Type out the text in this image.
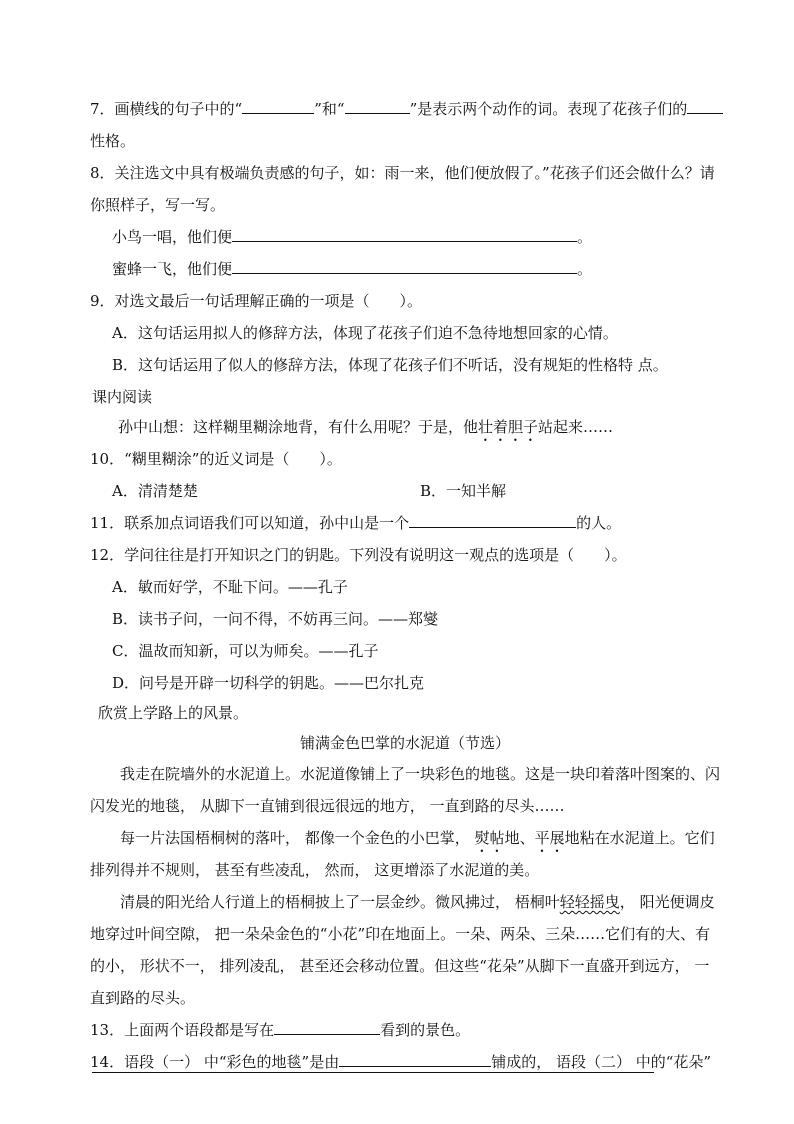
7．画横线的句子中的“	”和“	”是表示两个动作的词。表现了花孩子们的
性格。
8．关注选文中具有极端负责感的句子，如：雨一来，他们便放假了。”花孩子们还会做什么？请
你照样子，写一写。
小鸟一唱，他们便	。
蜜蜂一飞，他们便	。
9．对选文最后一句话理解正确的一项是（　　）。
A．这句话运用拟人的修辞方法，体现了花孩子们迫不急待地想回家的心情。
B．这句话运用了似人的修辞方法，体现了花孩子们不听话，没有规矩的性格特 点。
课内阅读
孙中山想：这样糊里糊涂地背，有什么用呢？于是，他壮着胆子站起来……
10．“糊里糊涂”的近义词是（　　）。
A．清清楚楚	B．一知半解
11．联系加点词语我们可以知道，孙中山是一个	的人。
12．学问往往是打开知识之门的钥匙。下列没有说明这一观点的选项是（　　）。
A．敏而好学，不耻下问。——孔子
B．读书子问，一问不得，不妨再三问。——郑燮
C．温故而知新，可以为师矣。——孔子
D．问号是开辟一切科学的钥匙。——巴尔扎克
欣赏上学路上的风景。
铺满金色巴掌的水泥道（节选）
我走在院墙外的水泥道上。水泥道像铺上了一块彩色的地毯。这是一块印着落叶图案的、闪
闪发光的地毯， 从脚下一直铺到很远很远的地方， 一直到路的尽头……
每一片法国梧桐树的落叶， 都像一个金色的小巴掌， 熨帖地、平展地粘在水泥道上。它们
排列得并不规则， 甚至有些凌乱， 然而， 这更增添了水泥道的美。
清晨的阳光给人行道上的梧桐披上了一层金纱。微风拂过， 梧桐叶轻轻摇曳， 阳光便调皮
地穿过叶间空隙， 把一朵朵金色的“小花”印在地面上。一朵、两朵、三朵……它们有的大、有
的小， 形状不一， 排列凌乱， 甚至还会移动位置。但这些“花朵”从脚下一直盛开到远方， 一
直到路的尽头。
13．上面两个语段都是写在	看到的景色。
14．语段（一） 中“彩色的地毯”是由	铺成的， 语段（二） 中的“花朵”
